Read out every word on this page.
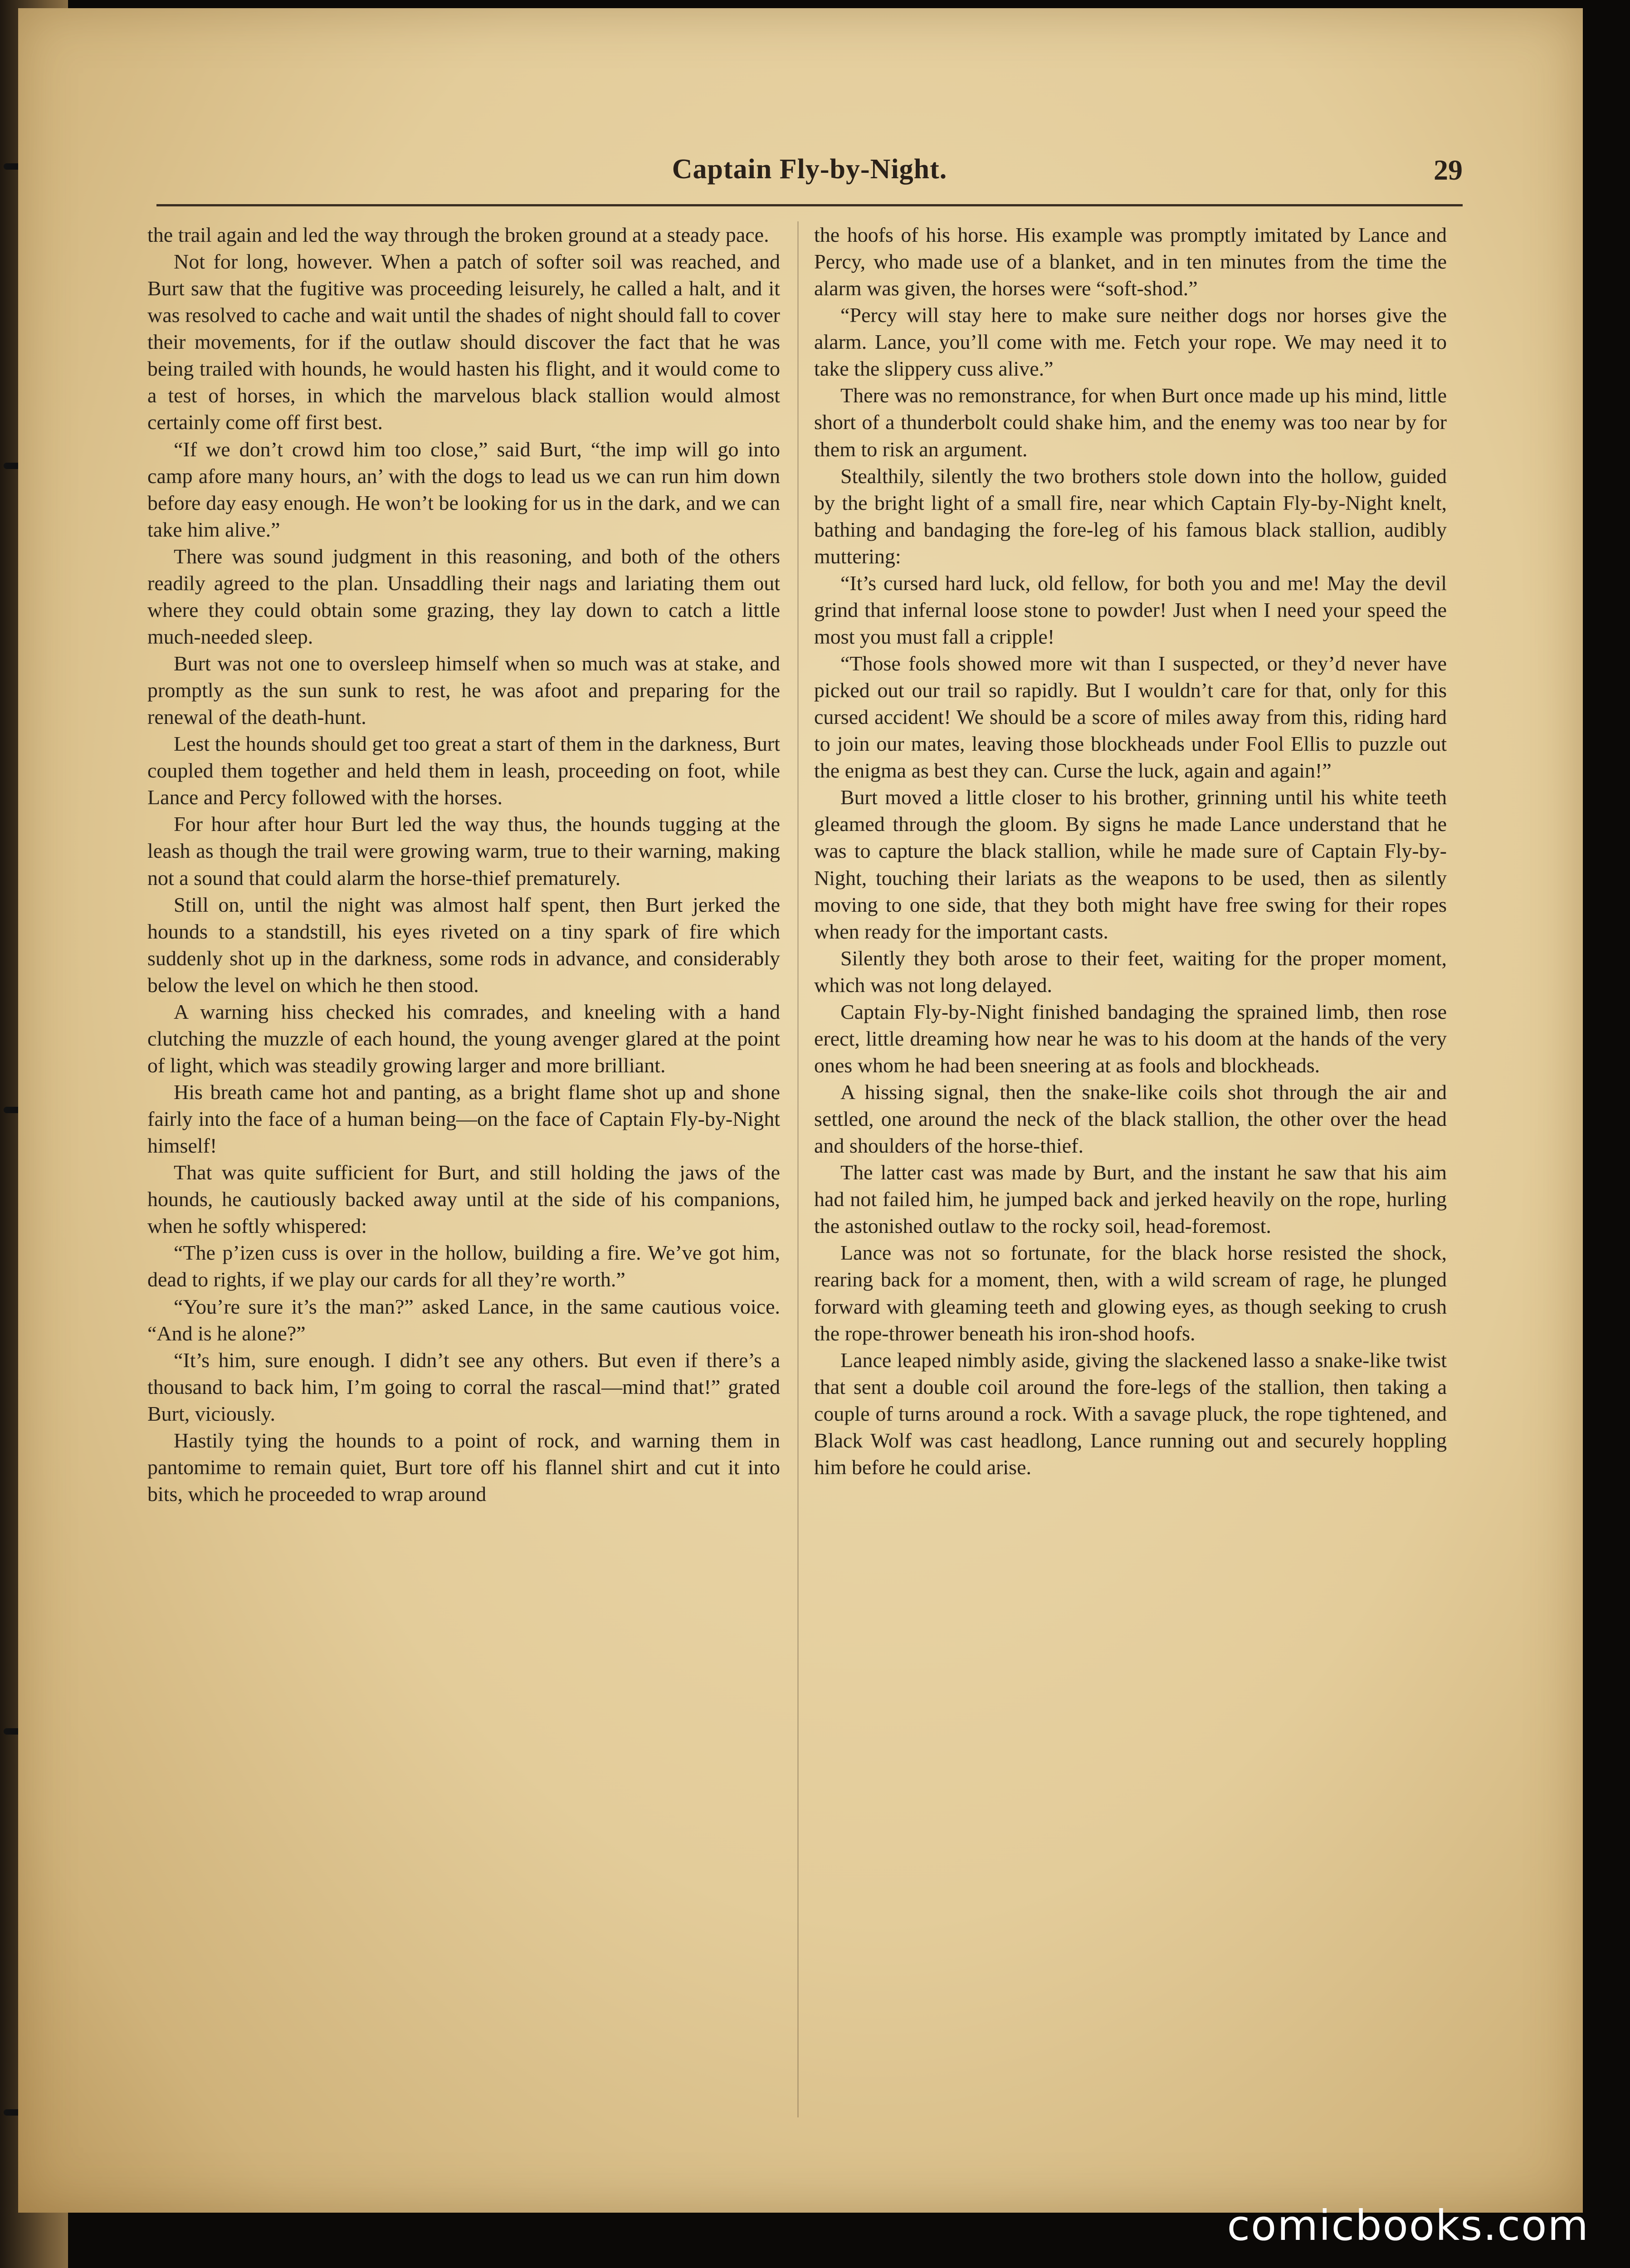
Captain Fly-by-Night.	29

the trail again and led the way through the broken ground at a steady pace.

Not for long, however. When a patch of softer soil was reached, and Burt saw that the fugitive was proceeding leisurely, he called a halt, and it was resolved to cache and wait until the shades of night should fall to cover their movements, for if the outlaw should discover the fact that he was being trailed with hounds, he would hasten his flight, and it would come to a test of horses, in which the marvelous black stallion would almost certainly come off first best.

“If we don’t crowd him too close,” said Burt, “the imp will go into camp afore many hours, an’ with the dogs to lead us we can run him down before day easy enough. He won’t be looking for us in the dark, and we can take him alive.”

There was sound judgment in this reasoning, and both of the others readily agreed to the plan. Unsaddling their nags and lariating them out where they could obtain some grazing, they lay down to catch a little much-needed sleep.

Burt was not one to oversleep himself when so much was at stake, and promptly as the sun sunk to rest, he was afoot and preparing for the renewal of the death-hunt.

Lest the hounds should get too great a start of them in the darkness, Burt coupled them together and held them in leash, proceeding on foot, while Lance and Percy followed with the horses.

For hour after hour Burt led the way thus, the hounds tugging at the leash as though the trail were growing warm, true to their warning, making not a sound that could alarm the horse-thief prematurely.

Still on, until the night was almost half spent, then Burt jerked the hounds to a standstill, his eyes riveted on a tiny spark of fire which suddenly shot up in the darkness, some rods in advance, and considerably below the level on which he then stood.

A warning hiss checked his comrades, and kneeling with a hand clutching the muzzle of each hound, the young avenger glared at the point of light, which was steadily growing larger and more brilliant.

His breath came hot and panting, as a bright flame shot up and shone fairly into the face of a human being—on the face of Captain Fly-by-Night himself!

That was quite sufficient for Burt, and still holding the jaws of the hounds, he cautiously backed away until at the side of his companions, when he softly whispered:

“The p’izen cuss is over in the hollow, building a fire. We’ve got him, dead to rights, if we play our cards for all they’re worth.”

“You’re sure it’s the man?” asked Lance, in the same cautious voice. “And is he alone?”

“It’s him, sure enough. I didn’t see any others. But even if there’s a thousand to back him, I’m going to corral the rascal—mind that!” grated Burt, viciously.

Hastily tying the hounds to a point of rock, and warning them in pantomime to remain quiet, Burt tore off his flannel shirt and cut it into bits, which he proceeded to wrap around

the hoofs of his horse. His example was promptly imitated by Lance and Percy, who made use of a blanket, and in ten minutes from the time the alarm was given, the horses were “soft-shod.”

“Percy will stay here to make sure neither dogs nor horses give the alarm. Lance, you’ll come with me. Fetch your rope. We may need it to take the slippery cuss alive.”

There was no remonstrance, for when Burt once made up his mind, little short of a thunderbolt could shake him, and the enemy was too near by for them to risk an argument.

Stealthily, silently the two brothers stole down into the hollow, guided by the bright light of a small fire, near which Captain Fly-by-Night knelt, bathing and bandaging the fore-leg of his famous black stallion, audibly muttering:

“It’s cursed hard luck, old fellow, for both you and me! May the devil grind that infernal loose stone to powder! Just when I need your speed the most you must fall a cripple!

“Those fools showed more wit than I suspected, or they’d never have picked out our trail so rapidly. But I wouldn’t care for that, only for this cursed accident! We should be a score of miles away from this, riding hard to join our mates, leaving those blockheads under Fool Ellis to puzzle out the enigma as best they can. Curse the luck, again and again!”

Burt moved a little closer to his brother, grinning until his white teeth gleamed through the gloom. By signs he made Lance understand that he was to capture the black stallion, while he made sure of Captain Fly-by-Night, touching their lariats as the weapons to be used, then as silently moving to one side, that they both might have free swing for their ropes when ready for the important casts.

Silently they both arose to their feet, waiting for the proper moment, which was not long delayed.

Captain Fly-by-Night finished bandaging the sprained limb, then rose erect, little dreaming how near he was to his doom at the hands of the very ones whom he had been sneering at as fools and blockheads.

A hissing signal, then the snake-like coils shot through the air and settled, one around the neck of the black stallion, the other over the head and shoulders of the horse-thief.

The latter cast was made by Burt, and the instant he saw that his aim had not failed him, he jumped back and jerked heavily on the rope, hurling the astonished outlaw to the rocky soil, head-foremost.

Lance was not so fortunate, for the black horse resisted the shock, rearing back for a moment, then, with a wild scream of rage, he plunged forward with gleaming teeth and glowing eyes, as though seeking to crush the rope-thrower beneath his iron-shod hoofs.

Lance leaped nimbly aside, giving the slackened lasso a snake-like twist that sent a double coil around the fore-legs of the stallion, then taking a couple of turns around a rock. With a savage pluck, the rope tightened, and Black Wolf was cast headlong, Lance running out and securely hoppling him before he could arise.

comicbooks.com
